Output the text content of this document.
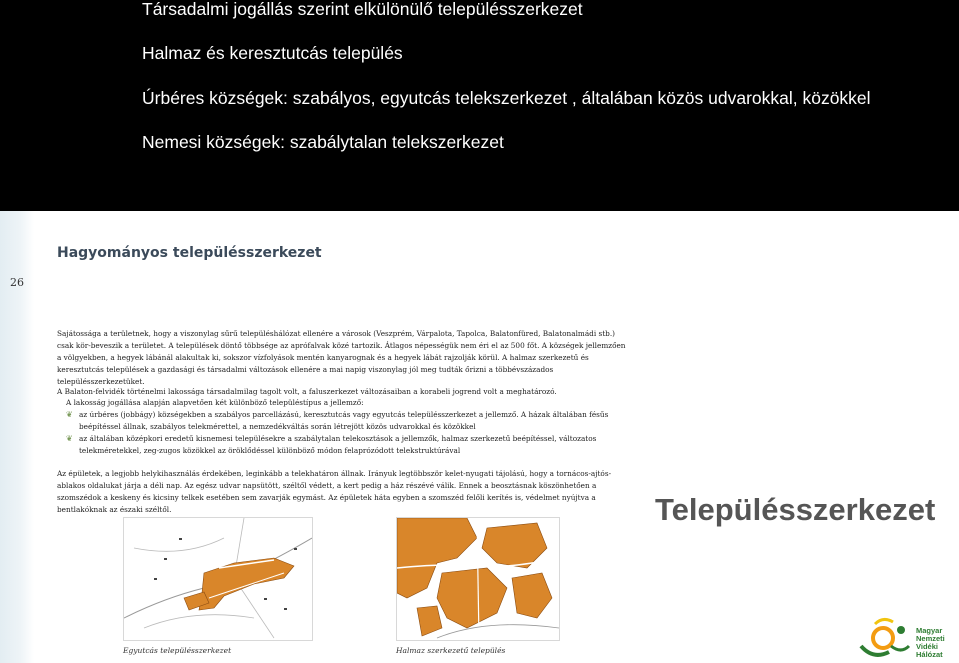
Társadalmi jogállás szerint elkülönülő településszerkezet
Halmaz és keresztutcás település
Úrbéres községek: szabályos, egyutcás telekszerkezet , általában közös udvarokkal, közökkel
Nemesi községek: szabálytalan telekszerkezet
26
Hagyományos településszerkezet

Sajátossága a területnek, hogy a viszonylag sűrű településhálózat ellenére a városok (Veszprém, Várpalota, Tapolca, Balatonfüred, Balatonalmádi stb.) csak kör-beveszik a területet. A települések döntő többsége az aprófalvak közé tartozik. Átlagos népességük nem éri el az 500 főt. A községek jellemzően a völgyekben, a hegyek lábánál alakultak ki, sokszor vízfolyások mentén kanyarognak és a hegyek lábát rajzolják körül. A halmaz szerkezetű és keresztutcás települések a gazdasági és társadalmi változások ellenére a mai napig viszonylag jól meg tudták őrizni a többévszázados településszerkezetüket.

A Balaton-felvidék történelmi lakossága társadalmilag tagolt volt, a faluszerkezet változásaiban a korabeli jogrend volt a meghatározó.

A lakosság jogállása alapján alapvetően két különböző településtípus a jellemző:

❦ az úrbéres (jobbágy) községekben a szabályos parcellázású, keresztutcás vagy egyutcás településszerkezet a jellemző. A házak általában fésűs beépítéssel állnak, szabályos telekmérettel, a nemzedékváltás során létrejött közös udvarokkal és közökkel
❦ az általában középkori eredetű kisnemesi településekre a szabálytalan telekosztások a jellemzők, halmaz szerkezetű beépítéssel, változatos telekméretekkel, zeg-zugos közökkel az öröklődéssel különböző módon felaprózódott telekstruktúrával

Az épületek, a legjobb helykihasználás érdekében, leginkább a telekhatáron állnak. Irányuk legtöbbször kelet-nyugati tájolású, hogy a tornácos-ajtós-ablakos oldalukat járja a déli nap. Az egész udvar napsütött, széltől védett, a kert pedig a ház részévé válik. Ennek a beosztásnak köszönhetően a szomszédok a keskeny és kicsiny telkek esetében sem zavarják egymást. Az épületek háta egyben a szomszéd felőli kerítés is, védelmet nyújtva a bentlakóknak az északi széltől.	Településszerkezet
Egyutcás településszerkezet	Halmaz szerkezetű település
Magyar
Nemzeti
Vidéki
Hálózat
